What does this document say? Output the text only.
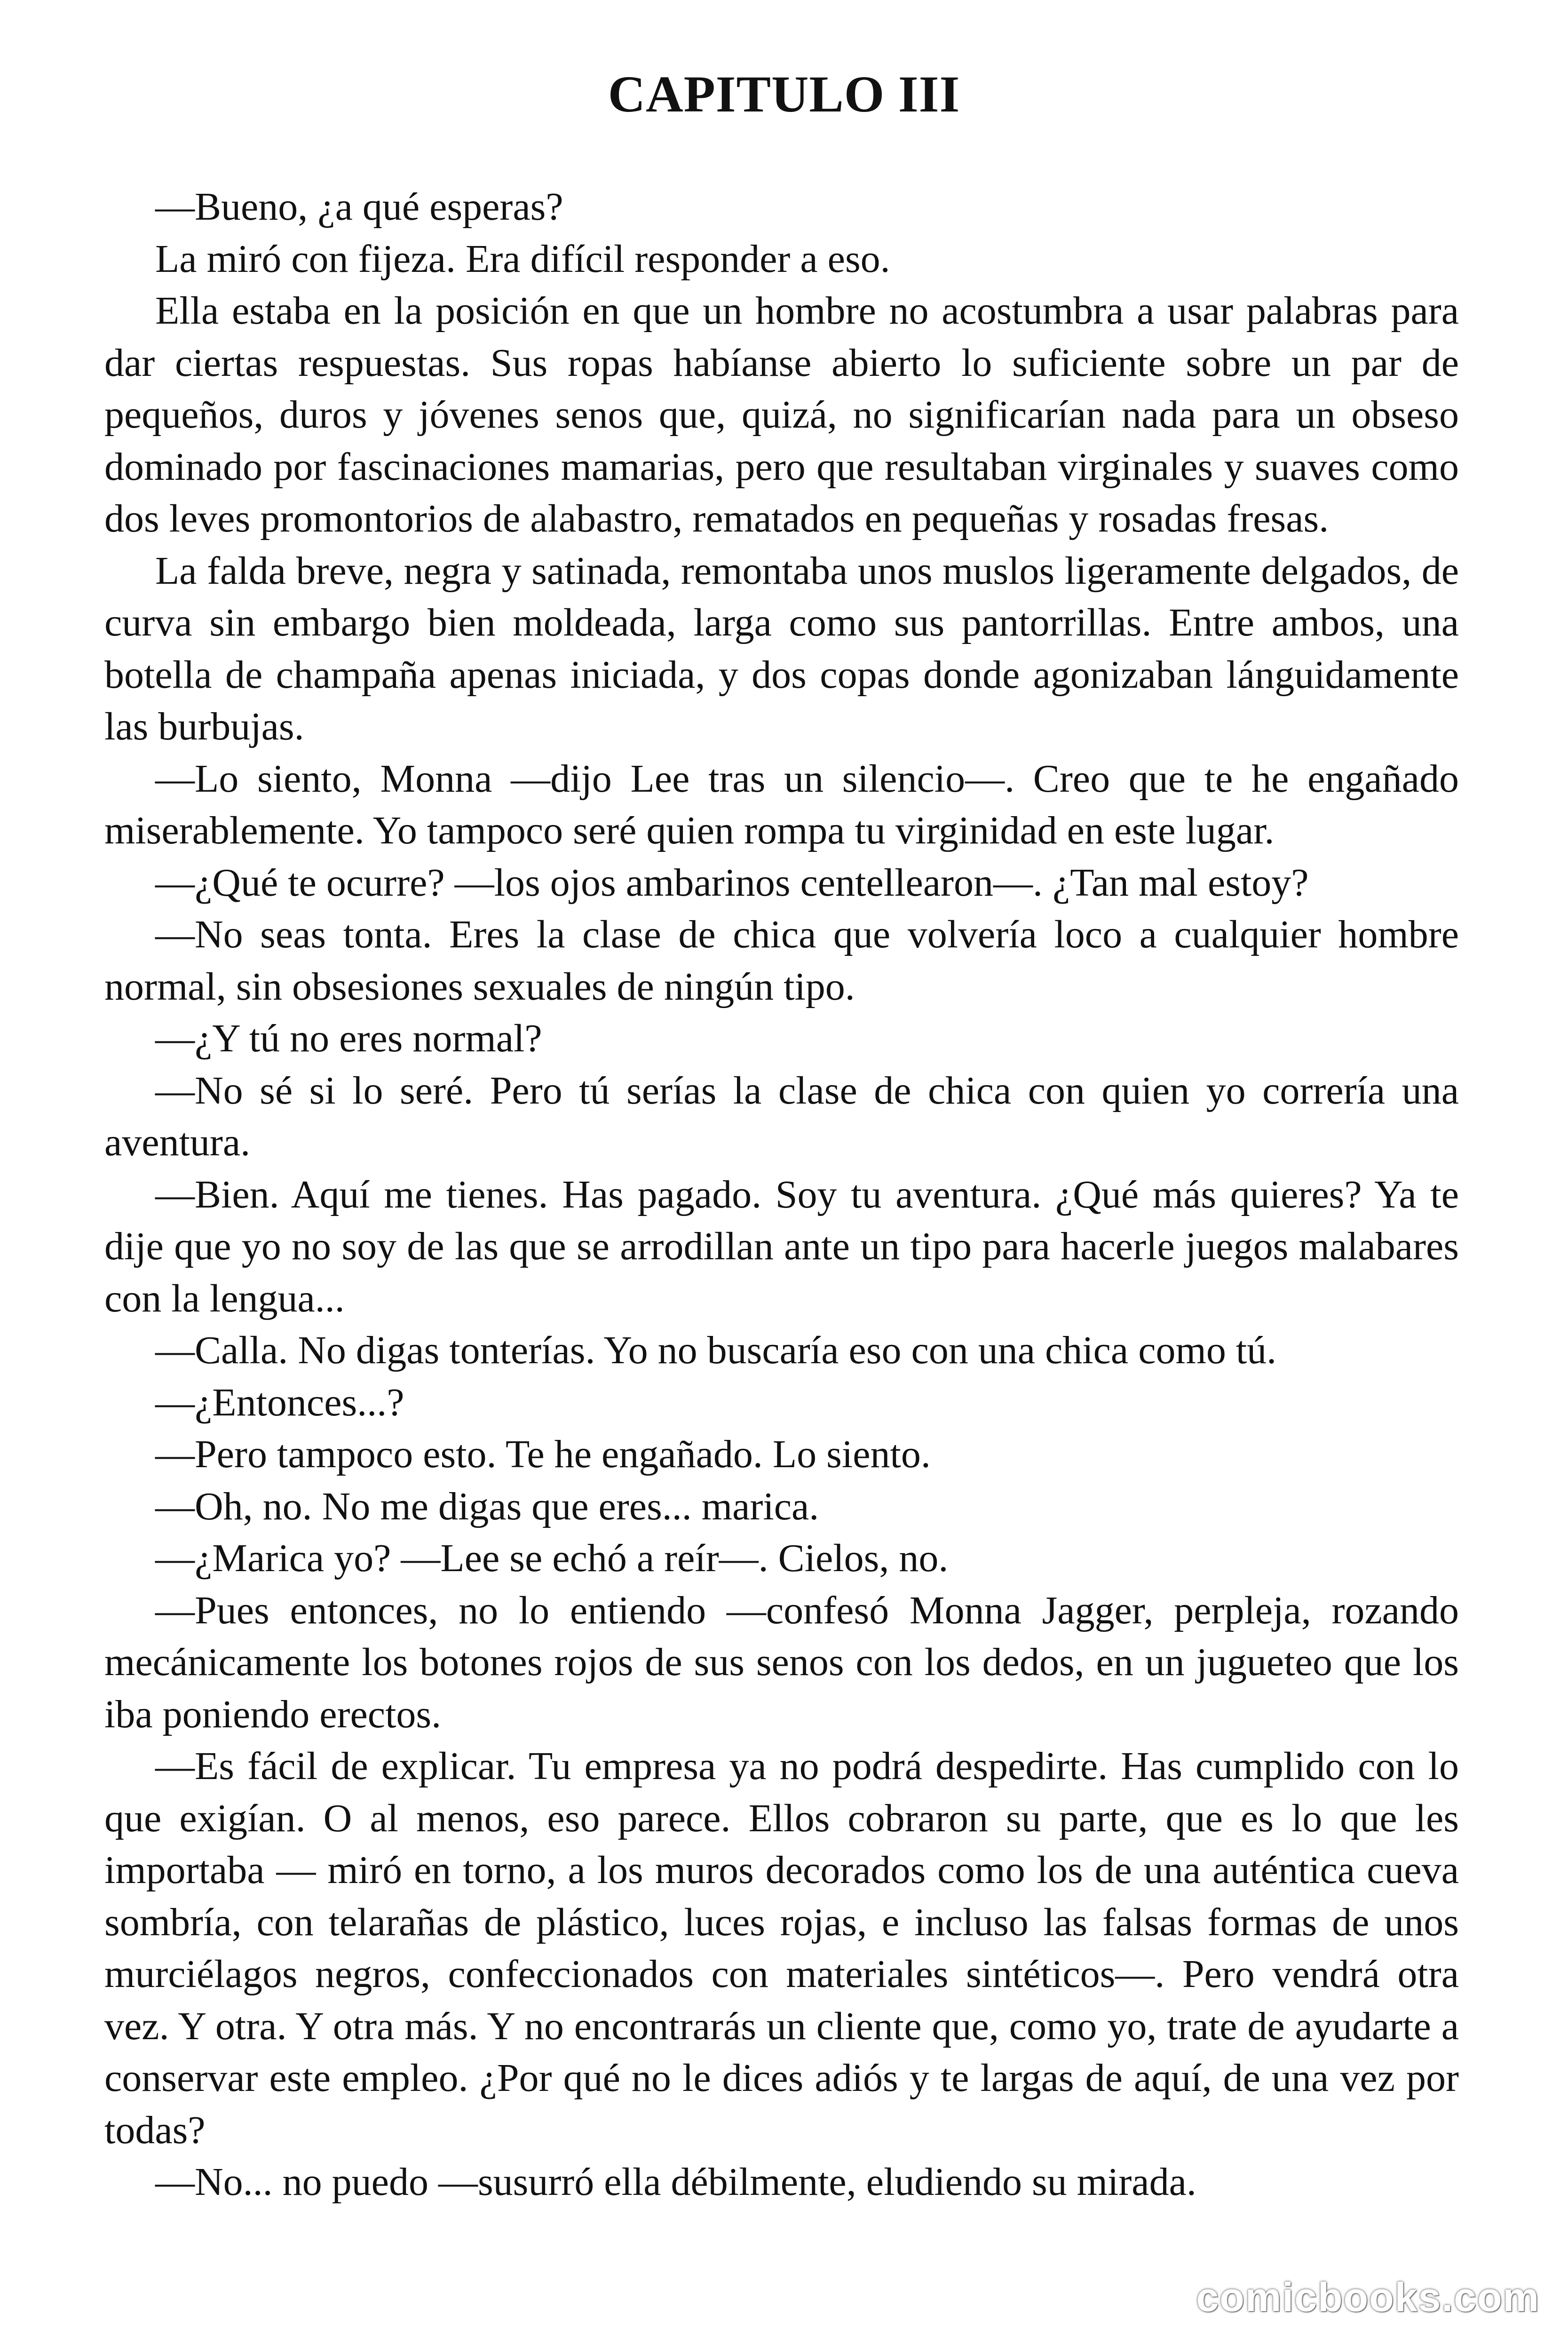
CAPITULO III

—Bueno, ¿a qué esperas?

La miró con fijeza. Era difícil responder a eso.

Ella estaba en la posición en que un hombre no acostumbra a usar palabras para dar ciertas respuestas. Sus ropas habíanse abierto lo suficiente sobre un par de pequeños, duros y jóvenes senos que, quizá, no significarían nada para un obseso dominado por fascinaciones mamarias, pero que resultaban virginales y suaves como dos leves promontorios de alabastro, rematados en pequeñas y rosadas fresas.

La falda breve, negra y satinada, remontaba unos muslos ligeramente delgados, de curva sin embargo bien moldeada, larga como sus pantorrillas. Entre ambos, una botella de champaña apenas iniciada, y dos copas donde agonizaban lánguidamente las burbujas.

—Lo siento, Monna —dijo Lee tras un silencio—. Creo que te he engañado miserablemente. Yo tampoco seré quien rompa tu virginidad en este lugar.

—¿Qué te ocurre? —los ojos ambarinos centellearon—. ¿Tan mal estoy?

—No seas tonta. Eres la clase de chica que volvería loco a cualquier hombre normal, sin obsesiones sexuales de ningún tipo.

—¿Y tú no eres normal?

—No sé si lo seré. Pero tú serías la clase de chica con quien yo correría una aventura.

—Bien. Aquí me tienes. Has pagado. Soy tu aventura. ¿Qué más quieres? Ya te dije que yo no soy de las que se arrodillan ante un tipo para hacerle juegos malabares con la lengua...

—Calla. No digas tonterías. Yo no buscaría eso con una chica como tú.

—¿Entonces...?

—Pero tampoco esto. Te he engañado. Lo siento.

—Oh, no. No me digas que eres... marica.

—¿Marica yo? —Lee se echó a reír—. Cielos, no.

—Pues entonces, no lo entiendo —confesó Monna Jagger, perpleja, rozando mecánicamente los botones rojos de sus senos con los dedos, en un jugueteo que los iba poniendo erectos.

—Es fácil de explicar. Tu empresa ya no podrá despedirte. Has cumplido con lo que exigían. O al menos, eso parece. Ellos cobraron su parte, que es lo que les importaba — miró en torno, a los muros decorados como los de una auténtica cueva sombría, con telarañas de plástico, luces rojas, e incluso las falsas formas de unos murciélagos negros, confeccionados con materiales sintéticos—. Pero vendrá otra vez. Y otra. Y otra más. Y no encontrarás un cliente que, como yo, trate de ayudarte a conservar este empleo. ¿Por qué no le dices adiós y te largas de aquí, de una vez por todas?

—No... no puedo —susurró ella débilmente, eludiendo su mirada.

comicbooks.com
